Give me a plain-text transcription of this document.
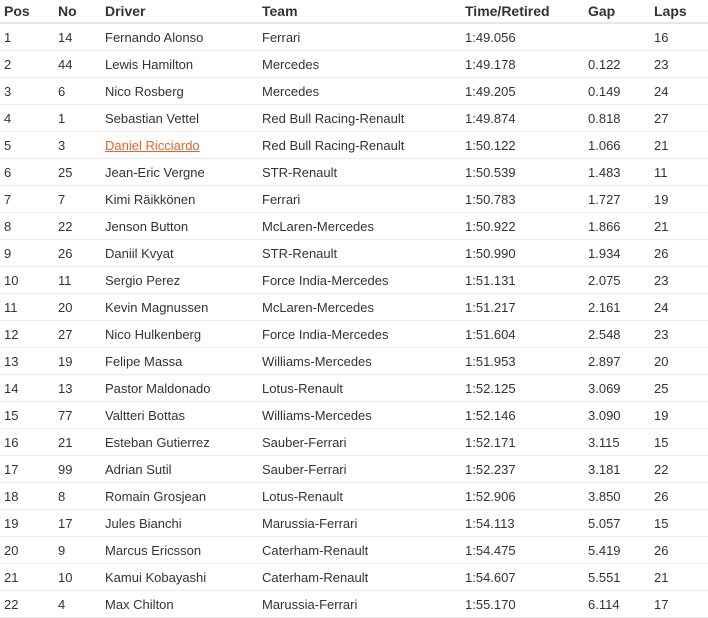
Pos	No	Driver	Team	Time/Retired	Gap	Laps
1	14	Fernando Alonso	Ferrari	1:49.056		16
2	44	Lewis Hamilton	Mercedes	1:49.178	0.122	23
3	6	Nico Rosberg	Mercedes	1:49.205	0.149	24
4	1	Sebastian Vettel	Red Bull Racing-Renault	1:49.874	0.818	27
5	3	Daniel Ricciardo	Red Bull Racing-Renault	1:50.122	1.066	21
6	25	Jean-Eric Vergne	STR-Renault	1:50.539	1.483	11
7	7	Kimi Räikkönen	Ferrari	1:50.783	1.727	19
8	22	Jenson Button	McLaren-Mercedes	1:50.922	1.866	21
9	26	Daniil Kvyat	STR-Renault	1:50.990	1.934	26
10	11	Sergio Perez	Force India-Mercedes	1:51.131	2.075	23
11	20	Kevin Magnussen	McLaren-Mercedes	1:51.217	2.161	24
12	27	Nico Hulkenberg	Force India-Mercedes	1:51.604	2.548	23
13	19	Felipe Massa	Williams-Mercedes	1:51.953	2.897	20
14	13	Pastor Maldonado	Lotus-Renault	1:52.125	3.069	25
15	77	Valtteri Bottas	Williams-Mercedes	1:52.146	3.090	19
16	21	Esteban Gutierrez	Sauber-Ferrari	1:52.171	3.115	15
17	99	Adrian Sutil	Sauber-Ferrari	1:52.237	3.181	22
18	8	Romain Grosjean	Lotus-Renault	1:52.906	3.850	26
19	17	Jules Bianchi	Marussia-Ferrari	1:54.113	5.057	15
20	9	Marcus Ericsson	Caterham-Renault	1:54.475	5.419	26
21	10	Kamui Kobayashi	Caterham-Renault	1:54.607	5.551	21
22	4	Max Chilton	Marussia-Ferrari	1:55.170	6.114	17
